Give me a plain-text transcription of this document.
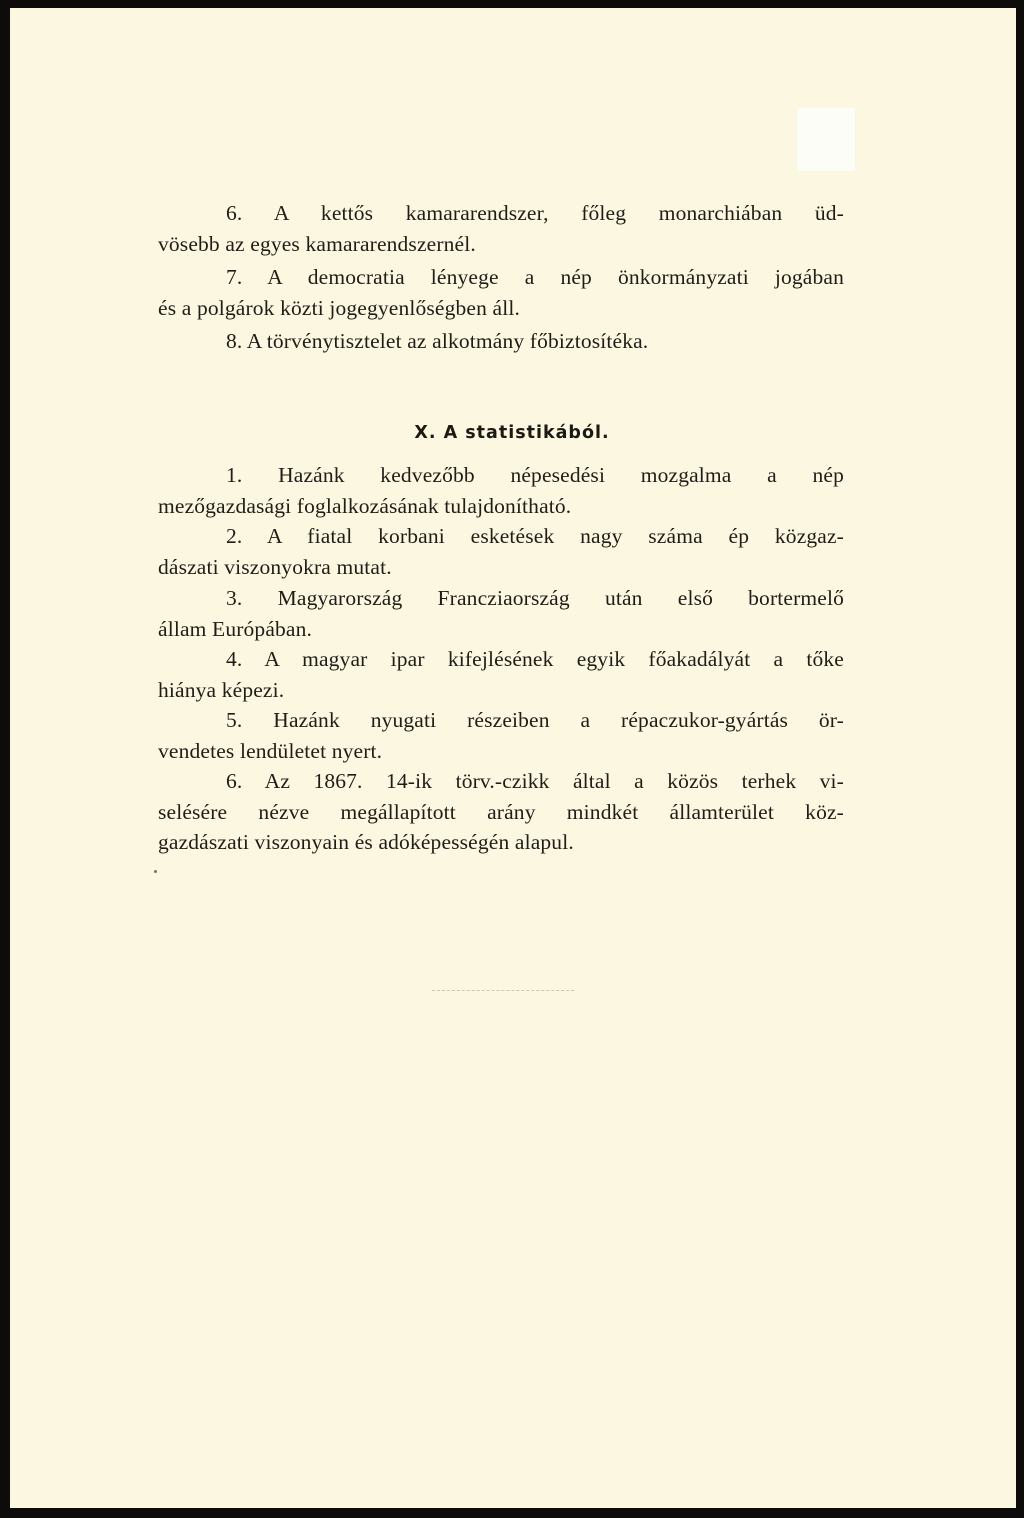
6. A kettős kamararendszer, főleg monarchiában üd-
vösebb az egyes kamararendszernél.
7. A democratia lényege a nép önkormányzati jogában
és a polgárok közti jogegyenlőségben áll.
8. A törvénytisztelet az alkotmány főbiztosítéka.
X. A statistikából.
1. Hazánk kedvezőbb népesedési mozgalma a nép
mezőgazdasági foglalkozásának tulajdonítható.
2. A fiatal korbani esketések nagy száma ép közgaz-
dászati viszonyokra mutat.
3. Magyarország Francziaország után első bortermelő
állam Európában.
4. A magyar ipar kifejlésének egyik főakadályát a tőke
hiánya képezi.
5. Hazánk nyugati részeiben a répaczukor-gyártás ör-
vendetes lendületet nyert.
6. Az 1867. 14-ik törv.-czikk által a közös terhek vi-
selésére nézve megállapított arány mindkét államterület köz-
gazdászati viszonyain és adóképességén alapul.
